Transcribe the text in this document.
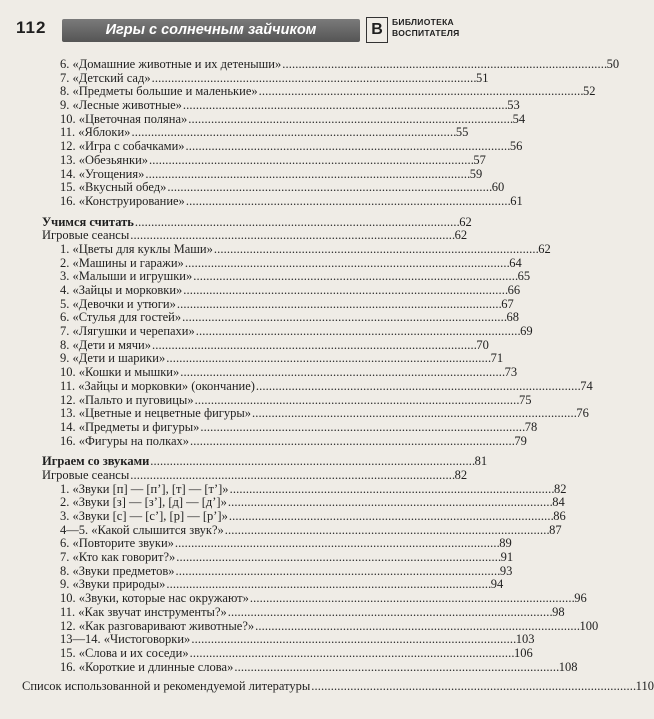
112	Игры с солнечным зайчиком	В	БИБЛИОТЕКА
ВОСПИТАТЕЛЯ
6. «Домашние животные и их детеныши» . . .	50
7. «Детский сад» . . .	51
8. «Предметы большие и маленькие» . . .	52
9. «Лесные животные» . . .	53
10. «Цветочная поляна» . . .	54
11. «Яблоки» . . .	55
12. «Игра с собачками» . . .	56
13. «Обезьянки» . . .	57
14. «Угощения» . . .	59
15. «Вкусный обед» . . .	60
16. «Конструирование» . . .	61
Учимся считать . . .	62
Игровые сеансы . . .	62
1. «Цветы для куклы Маши» . . .	62
2. «Машины и гаражи» . . .	64
3. «Малыши и игрушки» . . .	65
4. «Зайцы и морковки» . . .	66
5. «Девочки и утюги» . . .	67
6. «Стулья для гостей» . . .	68
7. «Лягушки и черепахи» . . .	69
8. «Дети и мячи» . . .	70
9. «Дети и шарики» . . .	71
10. «Кошки и мышки» . . .	73
11. «Зайцы и морковки» (окончание) . . .	74
12. «Пальто и пуговицы» . . .	75
13. «Цветные и нецветные фигуры» . . .	76
14. «Предметы и фигуры» . . .	78
16. «Фигуры на полках» . . .	79
Играем со звуками . . .	81
Игровые сеансы . . .	82
1. «Звуки [п] — [п’], [т] — [т’]» . . .	82
2. «Звуки [з] — [з’], [д] — [д’]» . . .	84
3. «Звуки [с] — [с’], [р] — [р’]» . . .	86
4—5. «Какой слышится звук?» . . .	87
6. «Повторите звуки» . . .	89
7. «Кто как говорит?» . . .	91
8. «Звуки предметов» . . .	93
9. «Звуки природы» . . .	94
10. «Звуки, которые нас окружают» . . .	96
11. «Как звучат инструменты?» . . .	98
12. «Как разговаривают животные?» . . .	100
13—14. «Чистоговорки» . . .	103
15. «Слова и их соседи» . . .	106
16. «Короткие и длинные слова» . . .	108
Список использованной и рекомендуемой литературы . . .	110
